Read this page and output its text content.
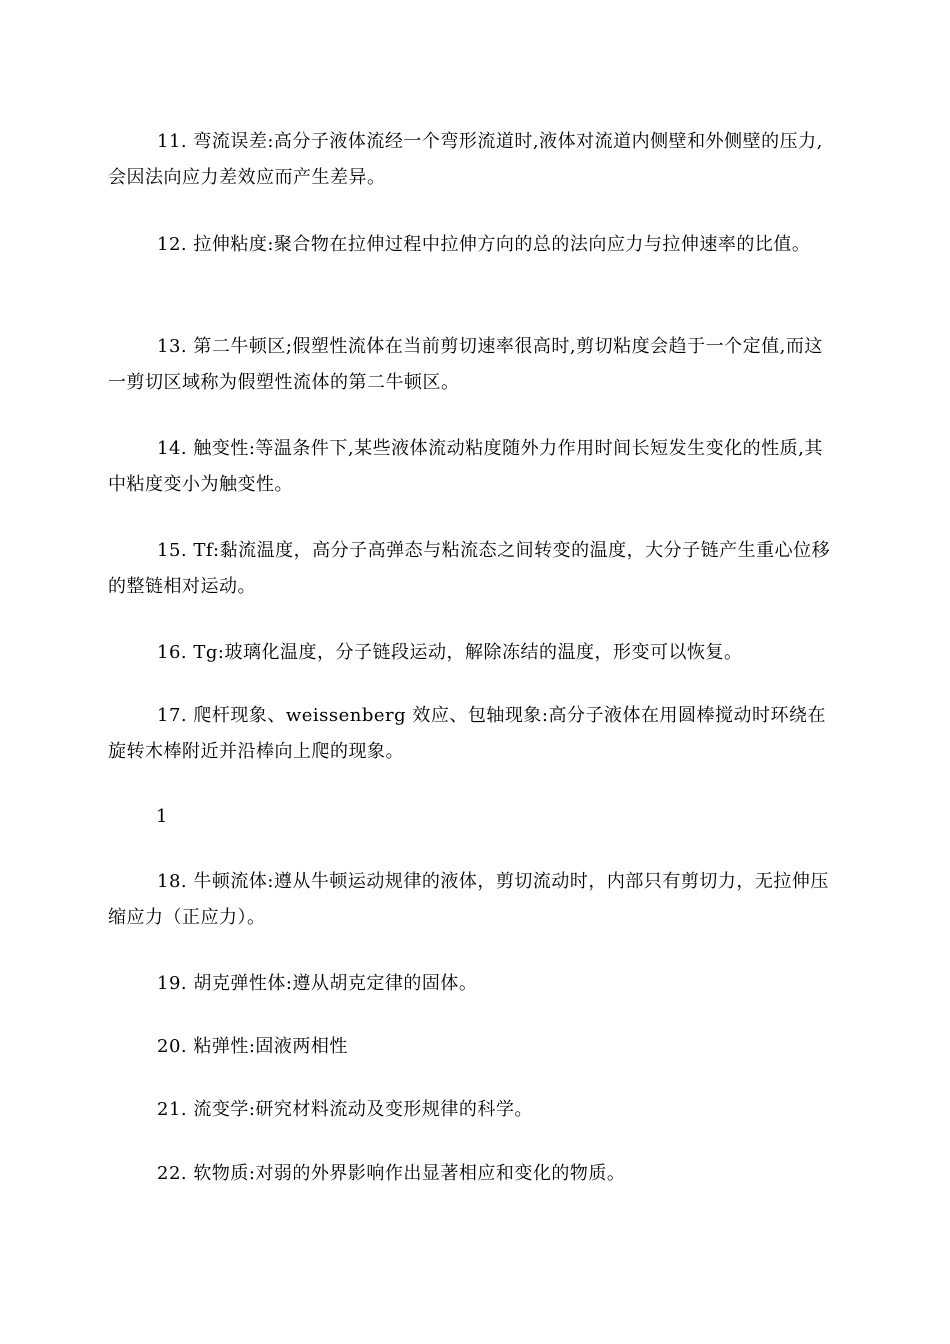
11. 弯流误差:高分子液体流经一个弯形流道时,液体对流道内侧壁和外侧壁的压力,会因法向应力差效应而产生差异。

12. 拉伸粘度:聚合物在拉伸过程中拉伸方向的总的法向应力与拉伸速率的比值。

13. 第二牛顿区;假塑性流体在当前剪切速率很高时,剪切粘度会趋于一个定值,而这一剪切区域称为假塑性流体的第二牛顿区。

14. 触变性:等温条件下,某些液体流动粘度随外力作用时间长短发生变化的性质,其中粘度变小为触变性。

15. Tf:黏流温度，高分子高弹态与粘流态之间转变的温度，大分子链产生重心位移的整链相对运动。

16. Tg:玻璃化温度，分子链段运动，解除冻结的温度，形变可以恢复。

17. 爬杆现象、weissenberg 效应、包轴现象:高分子液体在用圆棒搅动时环绕在旋转木棒附近并沿棒向上爬的现象。

1

18. 牛顿流体:遵从牛顿运动规律的液体，剪切流动时，内部只有剪切力，无拉伸压缩应力（正应力）。

19. 胡克弹性体:遵从胡克定律的固体。

20. 粘弹性:固液两相性

21. 流变学:研究材料流动及变形规律的科学。

22. 软物质:对弱的外界影响作出显著相应和变化的物质。
